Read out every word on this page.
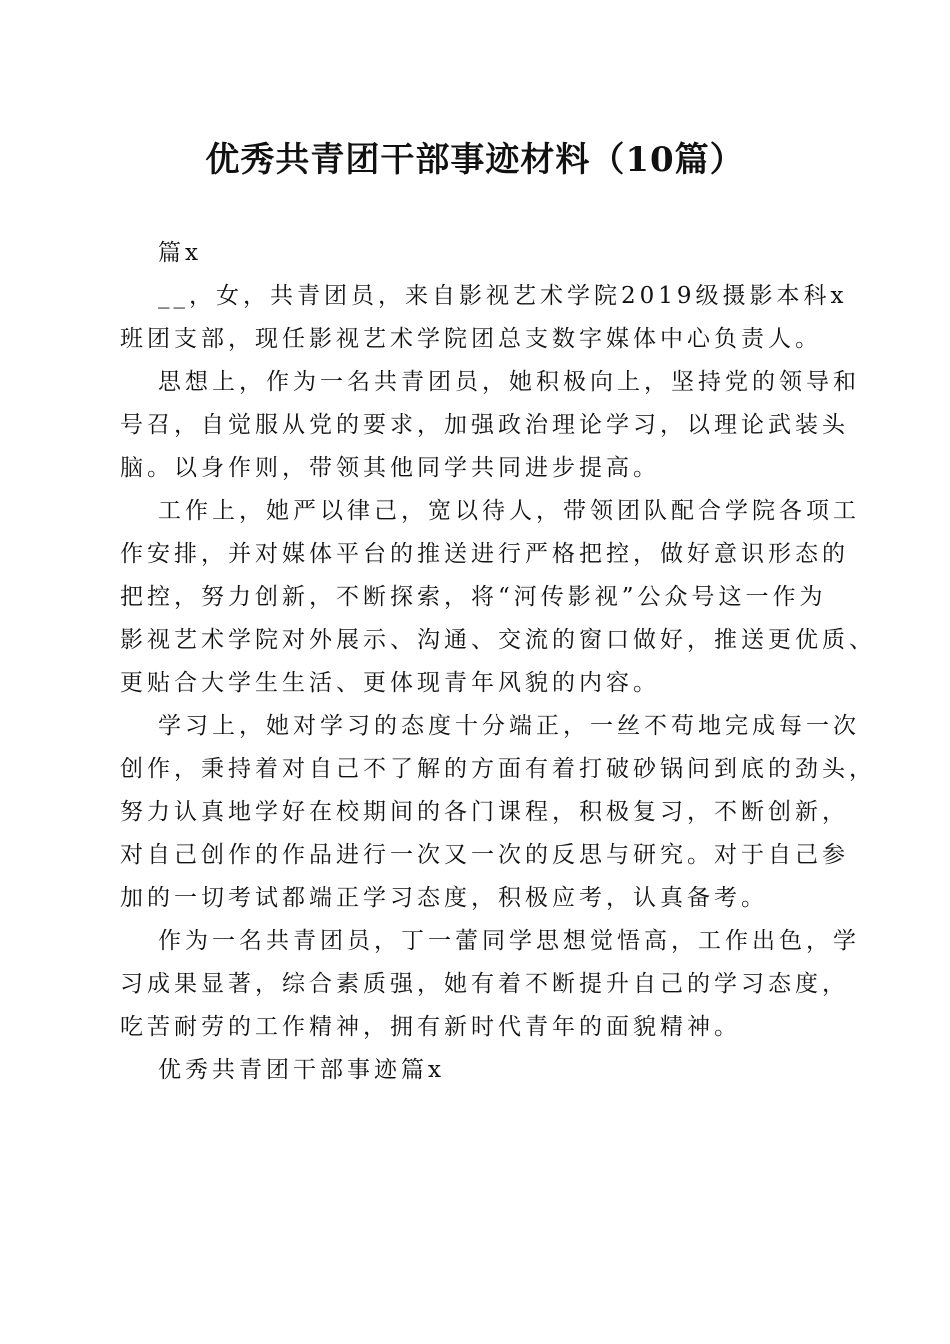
优秀共青团干部事迹材料（10篇）
篇x
__，女，共青团员，来自影视艺术学院2019级摄影本科x
班团支部，现任影视艺术学院团总支数字媒体中心负责人。
思想上，作为一名共青团员，她积极向上，坚持党的领导和
号召，自觉服从党的要求，加强政治理论学习，以理论武装头
脑。以身作则，带领其他同学共同进步提高。
工作上，她严以律己，宽以待人，带领团队配合学院各项工
作安排，并对媒体平台的推送进行严格把控，做好意识形态的
把控，努力创新，不断探索，将“河传影视”公众号这一作为
影视艺术学院对外展示、沟通、交流的窗口做好，推送更优质、
更贴合大学生生活、更体现青年风貌的内容。
学习上，她对学习的态度十分端正，一丝不苟地完成每一次
创作，秉持着对自己不了解的方面有着打破砂锅问到底的劲头，
努力认真地学好在校期间的各门课程，积极复习，不断创新，
对自己创作的作品进行一次又一次的反思与研究。对于自己参
加的一切考试都端正学习态度，积极应考，认真备考。
作为一名共青团员，丁一蕾同学思想觉悟高，工作出色，学
习成果显著，综合素质强，她有着不断提升自己的学习态度，
吃苦耐劳的工作精神，拥有新时代青年的面貌精神。
优秀共青团干部事迹篇x
